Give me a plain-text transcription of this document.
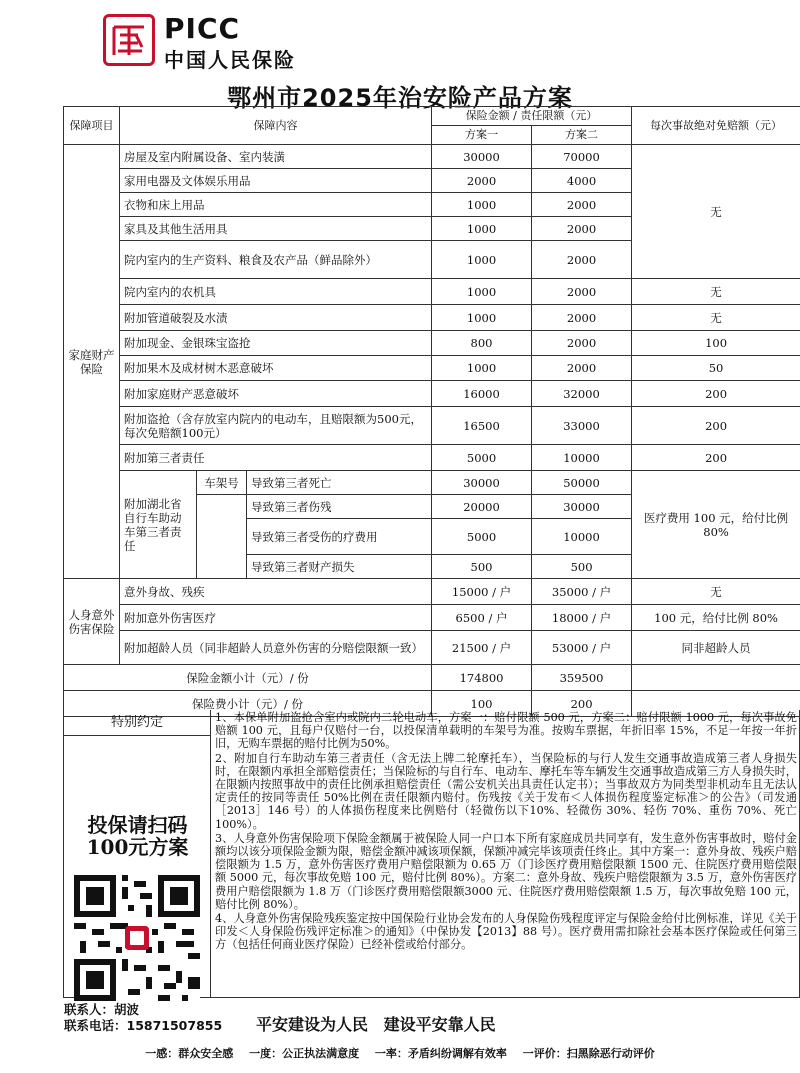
PICC
中国人民保险
鄂州市2025年治安险产品方案
保障项目	保障内容			保险金额 / 责任限额（元）		每次事故绝对免赔额（元）
				方案一	方案二	
家庭财产保险	房屋及室内附属设备、室内装潢			30000	70000	无
	家用电器及文体娱乐用品			2000	4000	
	衣物和床上用品			1000	2000	
	家具及其他生活用具			1000	2000	
	院内室内的生产资料、粮食及农产品（鲜品除外）			1000	2000	
	院内室内的农机具			1000	2000	无
	附加管道破裂及水渍			1000	2000	无
	附加现金、金银珠宝盗抢			800	2000	100
	附加果木及成材树木恶意破坏			1000	2000	50
	附加家庭财产恶意破坏			16000	32000	200
	附加盗抢（含存放室内院内的电动车，且赔限额为500元，每次免赔额100元）			16500	33000	200
	附加第三者责任			5000	10000	200
	附加湖北省自行车助动车第三者责任	车架号	导致第三者死亡	30000	50000	医疗费用 100 元，给付比例 80%
			导致第三者伤残	20000	30000	
			导致第三者受伤的疗费用	5000	10000	
			导致第三者财产损失	500	500	
人身意外伤害保险	意外身故、残疾			15000 / 户	35000 / 户	无
	附加意外伤害医疗			6500 / 户	18000 / 户	100 元，给付比例 80%
	附加超龄人员（同非超龄人员意外伤害的分赔偿限额一致）			21500 / 户	53000 / 户	同非超龄人员
保险金额小计（元）/ 份				174800	359500	
保险费小计（元）/ 份				100	200	
特别约定
投保请扫码
100元方案

1、本保单附加盗抢含室内或院内二轮电动车，方案一：赔付限额 500 元，方案二：赔付限额 1000 元，每次事故免赔额 100 元，且每户仅赔付一台，以投保清单载明的车架号为准。按购车票据，年折旧率 15%，不足一年按一年折旧，无购车票据的赔付比例为50%。

2、附加自行车助动车第三者责任（含无法上牌二轮摩托车），当保险标的与行人发生交通事故造成第三者人身损失时，在限额内承担全部赔偿责任；当保险标的与自行车、电动车、摩托车等车辆发生交通事故造成第三方人身损失时，在限额内按照事故中的责任比例承担赔偿责任（需公安机关出具责任认定书）；当事故双方为同类型非机动车且无法认定责任的按同等责任 50%比例在责任限额内赔付。伤残按《关于发布＜人体损伤程度鉴定标准＞的公告》（司发通［2013］146 号）的人体损伤程度来比例赔付（轻微伤以下10%、轻微伤 30%、轻伤 70%、重伤 70%、死亡 100%）。

3、人身意外伤害保险项下保险金额属于被保险人同一户口本下所有家庭成员共同享有，发生意外伤害事故时，赔付金额均以该分项保险金额为限，赔偿金额冲减该项保额，保额冲减完毕该项责任终止。其中方案一：意外身故、残疾户赔偿限额为 1.5 万，意外伤害医疗费用户赔偿限额为 0.65 万（门诊医疗费用赔偿限额 1500 元、住院医疗费用赔偿限额 5000 元，每次事故免赔 100 元，赔付比例 80%）。方案二：意外身故、残疾户赔偿限额为 3.5 万，意外伤害医疗费用户赔偿限额为 1.8 万（门诊医疗费用赔偿限额3000 元、住院医疗费用赔偿限额 1.5 万，每次事故免赔 100 元，赔付比例 80%）。

4、人身意外伤害保险残疾鉴定按中国保险行业协会发布的人身保险伤残程度评定与保险金给付比例标准，详见《关于印发＜人身保险伤残评定标准＞的通知》（中保协发【2013】88 号）。医疗费用需扣除社会基本医疗保险或任何第三方（包括任何商业医疗保险）已经补偿或给付部分。

联系人：胡波
联系电话：15871507855 平安建设为人民 建设平安靠人民
一感：群众安全感 一度：公正执法满意度 一率：矛盾纠纷调解有效率 一评价：扫黑除恶行动评价
